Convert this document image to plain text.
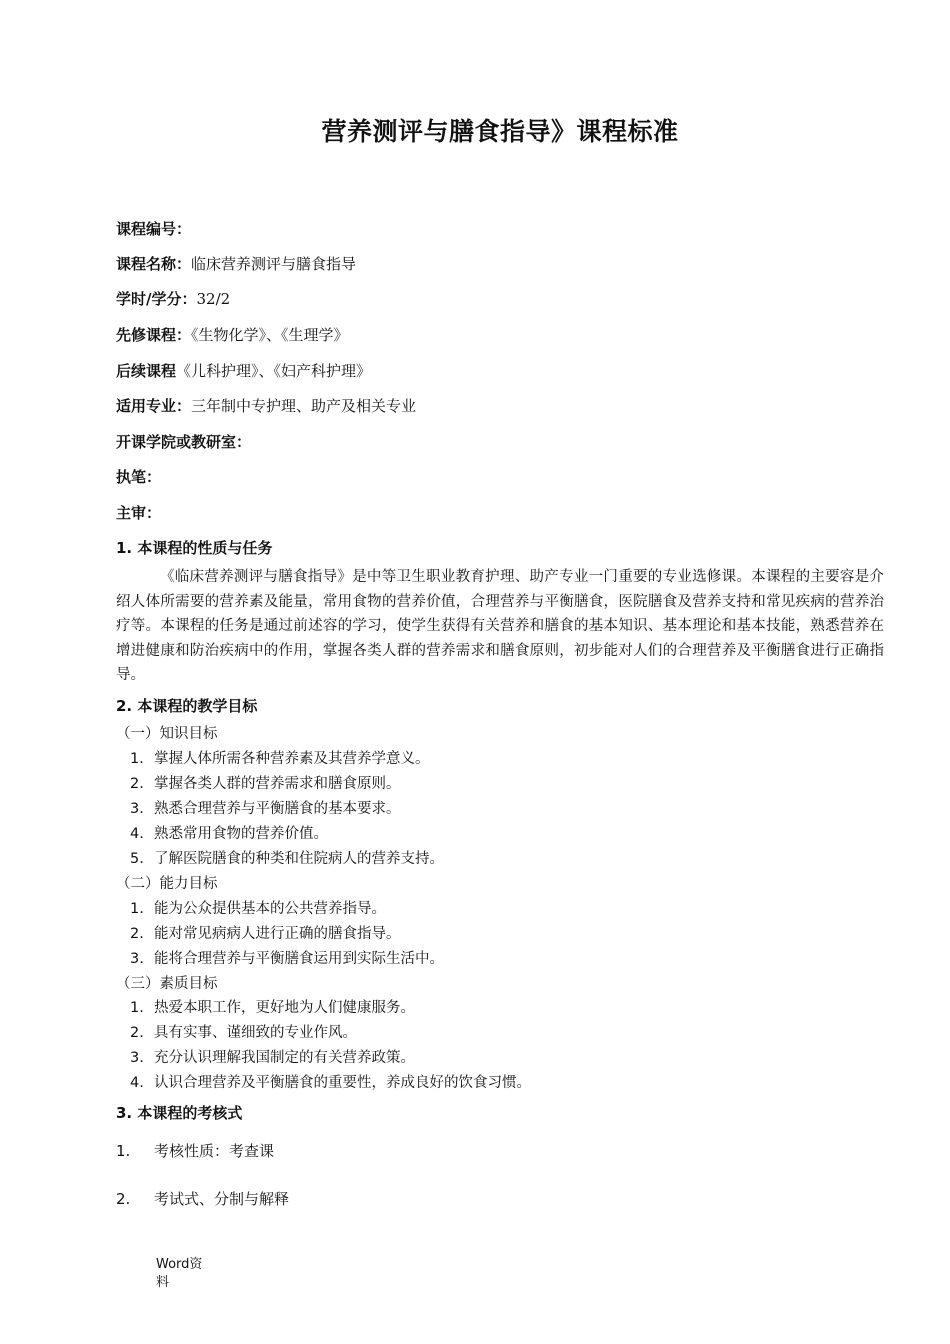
营养测评与膳食指导》课程标准
课程编号：
课程名称：临床营养测评与膳食指导
学时/学分：32/2
先修课程：《生物化学》、《生理学》
后续课程《儿科护理》、《妇产科护理》
适用专业：三年制中专护理、助产及相关专业
开课学院或教研室：
执笔：
主审：
1. 本课程的性质与任务
《临床营养测评与膳食指导》是中等卫生职业教育护理、助产专业一门重要的专业选修课。本课程的主要容是介绍人体所需要的营养素及能量，常用食物的营养价值，合理营养与平衡膳食，医院膳食及营养支持和常见疾病的营养治疗等。本课程的任务是通过前述容的学习，使学生获得有关营养和膳食的基本知识、基本理论和基本技能，熟悉营养在增进健康和防治疾病中的作用，掌握各类人群的营养需求和膳食原则，初步能对人们的合理营养及平衡膳食进行正确指导。
2. 本课程的教学目标
（一）知识目标
1. 掌握人体所需各种营养素及其营养学意义。
2. 掌握各类人群的营养需求和膳食原则。
3. 熟悉合理营养与平衡膳食的基本要求。
4. 熟悉常用食物的营养价值。
5. 了解医院膳食的种类和住院病人的营养支持。
（二）能力目标
1. 能为公众提供基本的公共营养指导。
2. 能对常见病病人进行正确的膳食指导。
3. 能将合理营养与平衡膳食运用到实际生活中。
（三）素质目标
1. 热爱本职工作，更好地为人们健康服务。
2. 具有实事、谨细致的专业作风。
3. 充分认识理解我国制定的有关营养政策。
4. 认识合理营养及平衡膳食的重要性，养成良好的饮食习惯。
3. 本课程的考核式
1. 考核性质：考查课
2. 考试式、分制与解释
Word资料
